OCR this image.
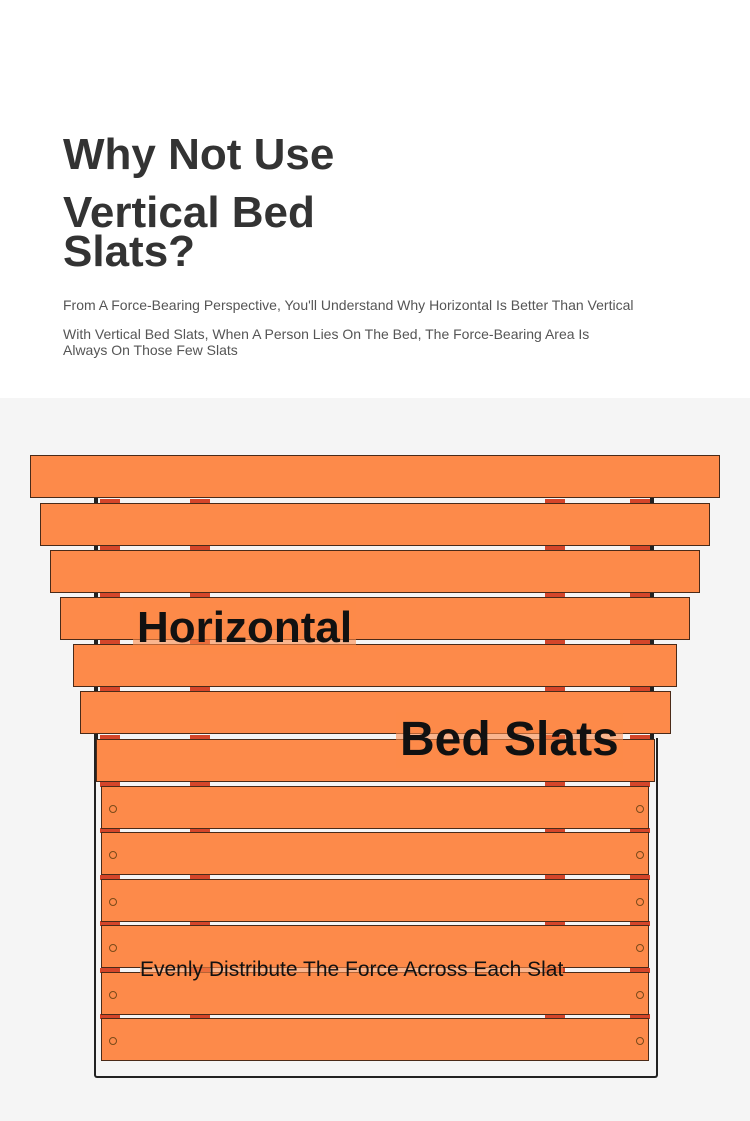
Why Not Use
Vertical Bed
Slats?

From A Force-Bearing Perspective, You'll Understand Why Horizontal Is Better Than Vertical

With Vertical Bed Slats, When A Person Lies On The Bed, The Force-Bearing Area Is

Always On Those Few Slats

Horizontal

Bed Slats

Evenly Distribute The Force Across Each Slat
